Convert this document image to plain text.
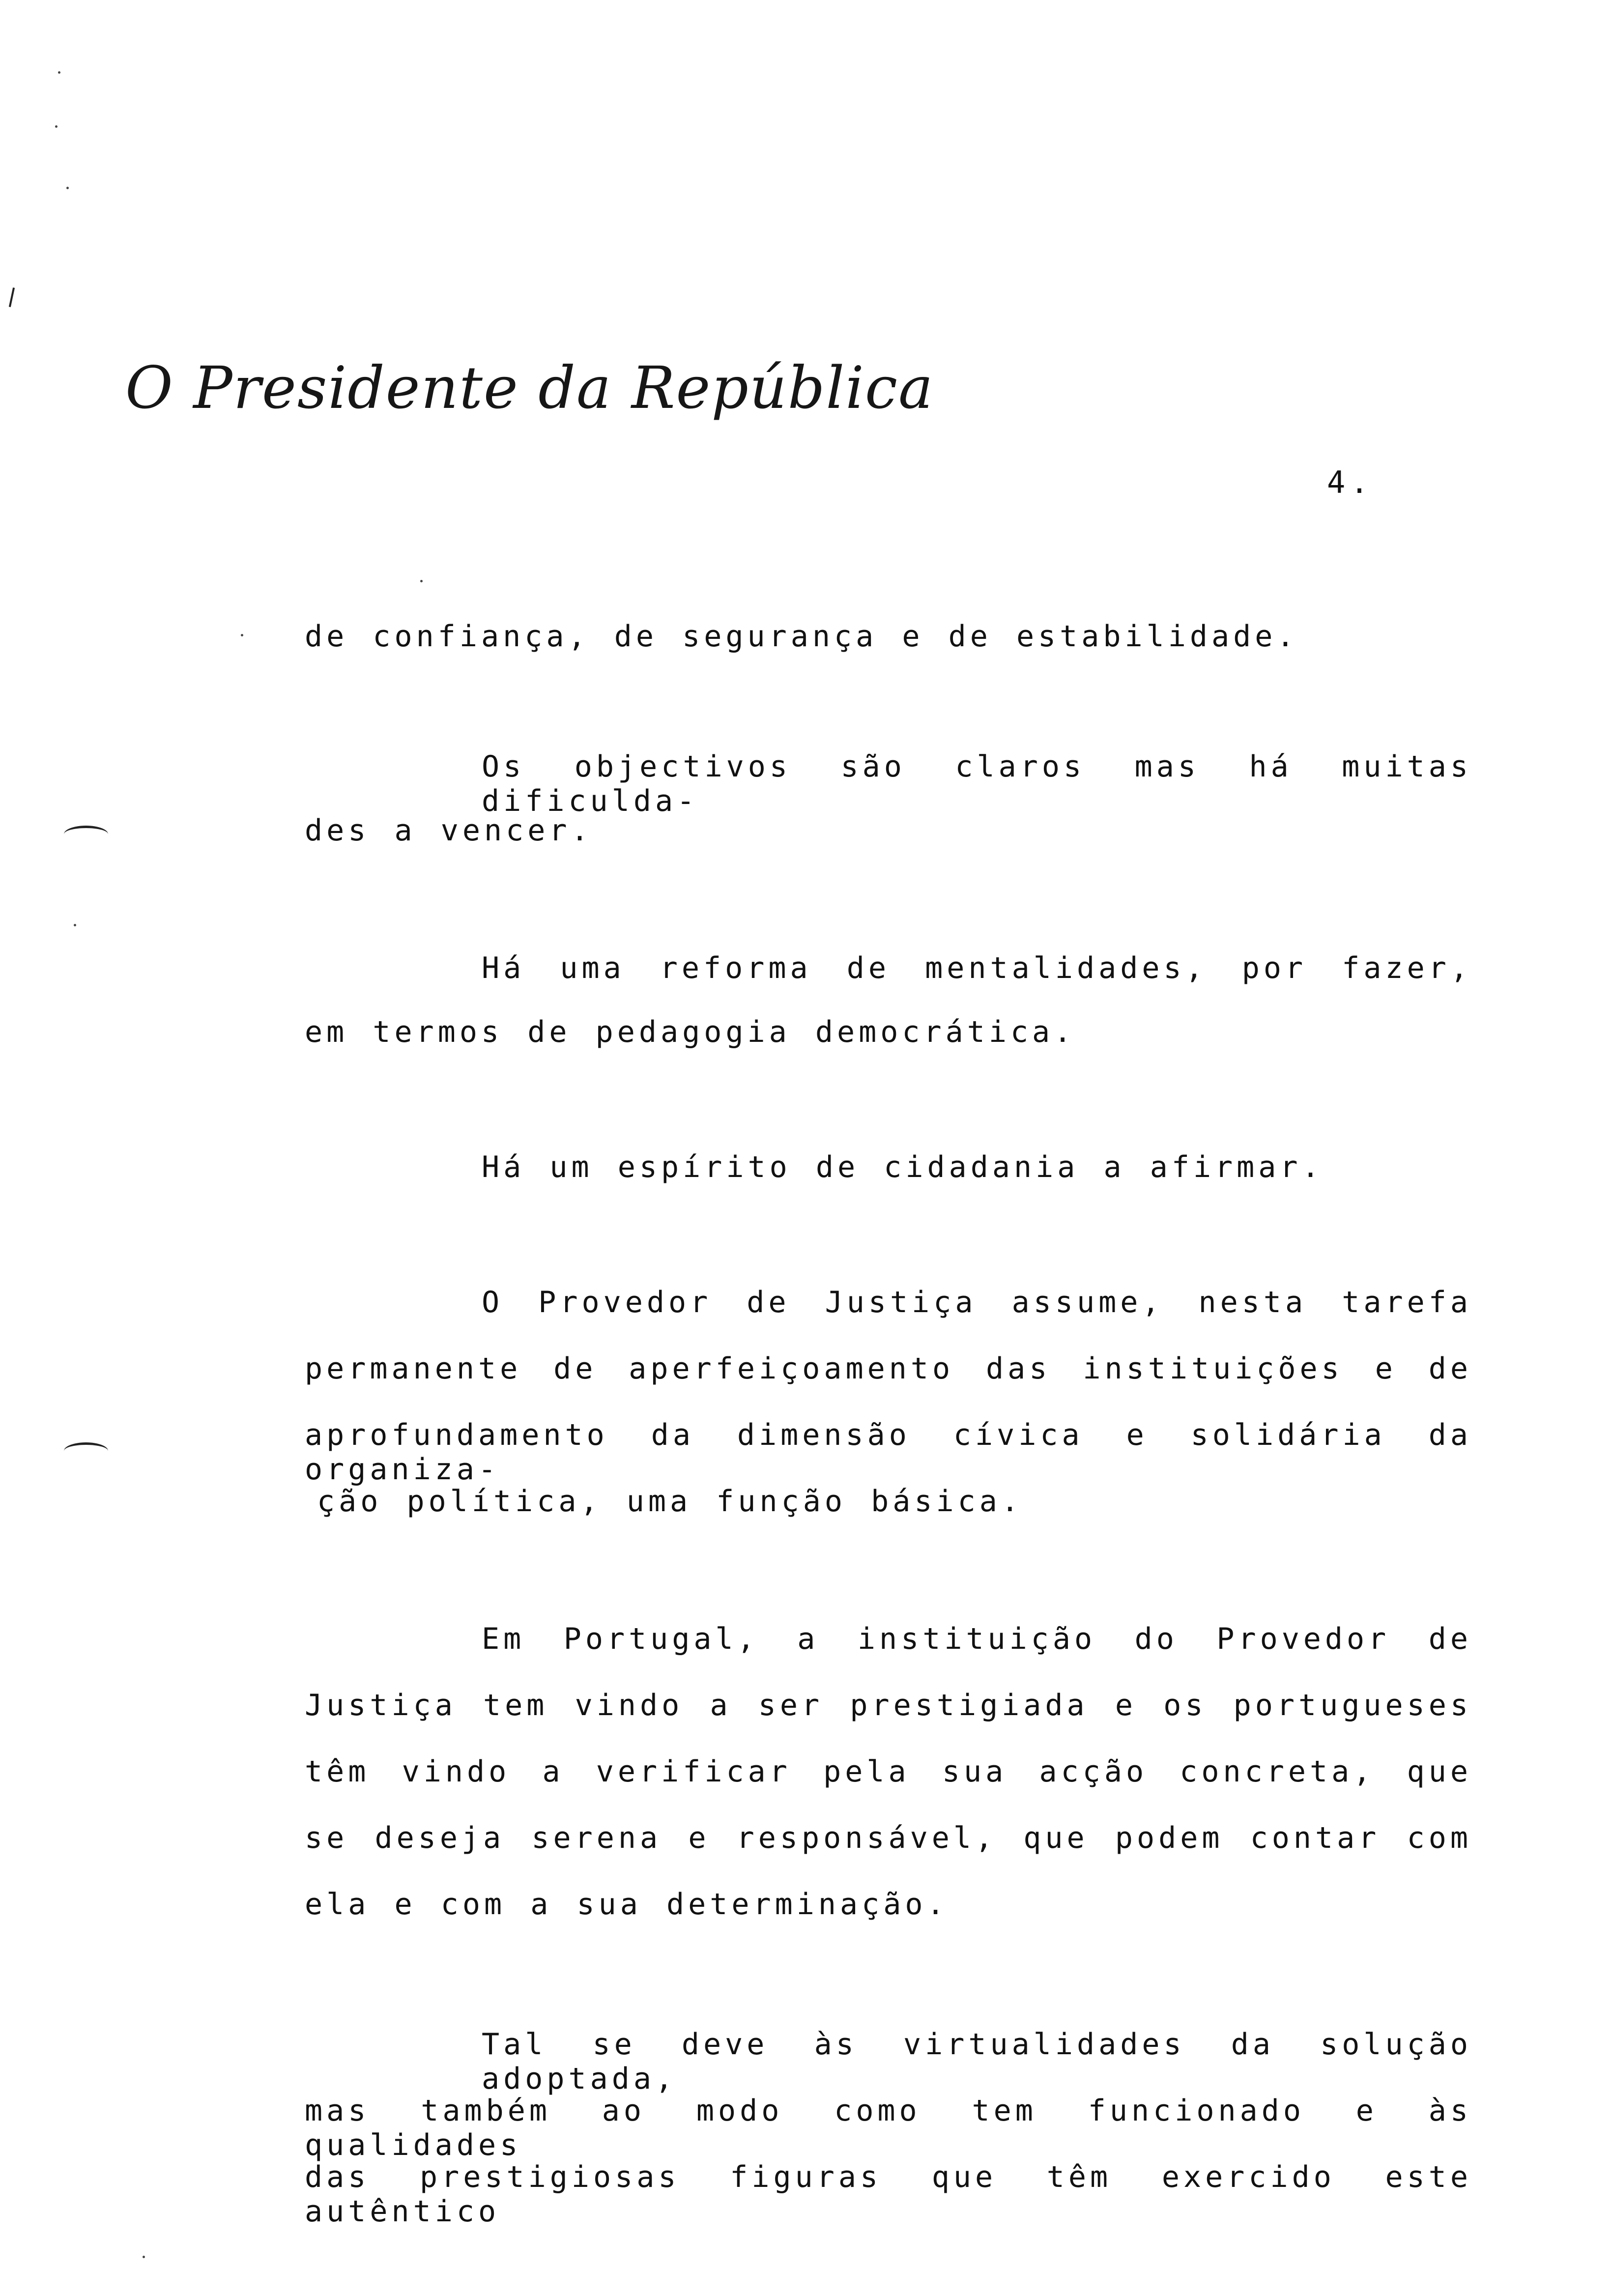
O Presidente da República
4.
de confiança, de segurança e de estabilidade.
Os objectivos são claros mas há muitas dificulda-
des a vencer.
Há uma reforma de mentalidades, por fazer,
em termos de pedagogia democrática.
Há um espírito de cidadania a afirmar.
O Provedor de Justiça assume, nesta tarefa
permanente de aperfeiçoamento das instituições e de
aprofundamento da dimensão cívica e solidária da organiza-
ção política, uma função básica.
Em Portugal, a instituição do Provedor de
Justiça tem vindo a ser prestigiada e os portugueses
têm vindo a verificar pela sua acção concreta, que
se deseja serena e responsável, que podem contar com
ela e com a sua determinação.
Tal se deve às virtualidades da solução adoptada,
mas também ao modo como tem funcionado e às qualidades
das prestigiosas figuras que têm exercido este autêntico
